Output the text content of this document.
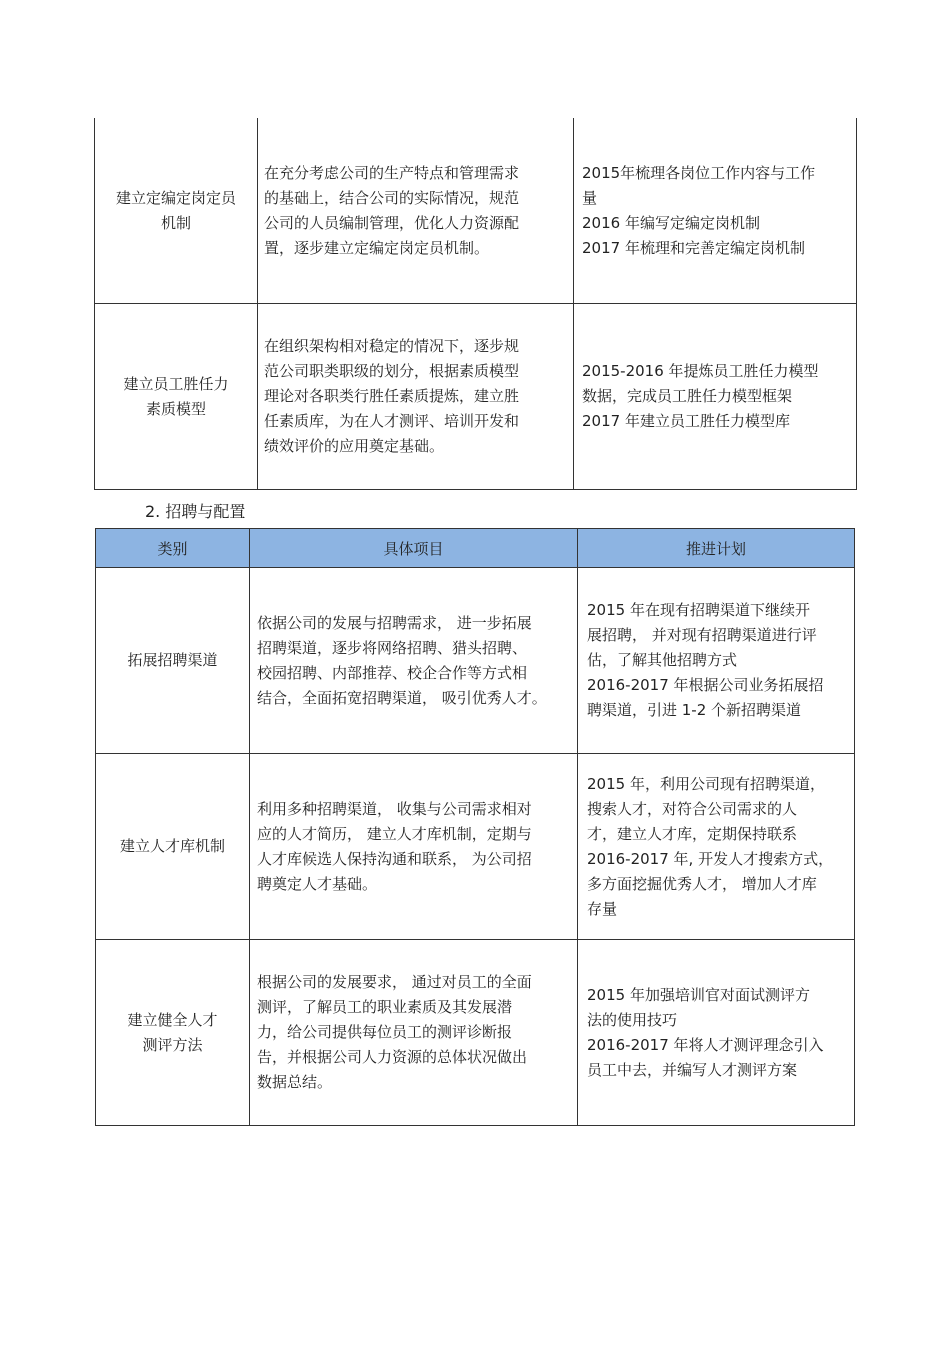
建立定编定岗定员
机制
在充分考虑公司的生产特点和管理需求
的基础上，结合公司的实际情况，规范
公司的人员编制管理，优化人力资源配
置，逐步建立定编定岗定员机制。
2015年梳理各岗位工作内容与工作
量
2016 年编写定编定岗机制
2017 年梳理和完善定编定岗机制
建立员工胜任力
素质模型
在组织架构相对稳定的情况下，逐步规
范公司职类职级的划分，根据素质模型
理论对各职类行胜任素质提炼，建立胜
任素质库，为在人才测评、培训开发和
绩效评价的应用奠定基础。
2015-2016 年提炼员工胜任力模型
数据，完成员工胜任力模型框架
2017 年建立员工胜任力模型库
2. 招聘与配置
类别	具体项目	推进计划
拓展招聘渠道
依据公司的发展与招聘需求， 进一步拓展
招聘渠道，逐步将网络招聘、猎头招聘、
校园招聘、内部推荐、校企合作等方式相
结合，全面拓宽招聘渠道， 吸引优秀人才。
2015 年在现有招聘渠道下继续开
展招聘， 并对现有招聘渠道进行评
估，了解其他招聘方式
2016-2017 年根据公司业务拓展招
聘渠道，引进 1-2 个新招聘渠道
建立人才库机制
利用多种招聘渠道， 收集与公司需求相对
应的人才简历， 建立人才库机制，定期与
人才库候选人保持沟通和联系， 为公司招
聘奠定人才基础。
2015 年，利用公司现有招聘渠道，
搜索人才，对符合公司需求的人
才，建立人才库，定期保持联系
2016-2017 年, 开发人才搜索方式，
多方面挖掘优秀人才， 增加人才库
存量
建立健全人才
测评方法
根据公司的发展要求， 通过对员工的全面
测评，了解员工的职业素质及其发展潜
力，给公司提供每位员工的测评诊断报
告，并根据公司人力资源的总体状况做出
数据总结。
2015 年加强培训官对面试测评方
法的使用技巧
2016-2017 年将人才测评理念引入
员工中去，并编写人才测评方案
